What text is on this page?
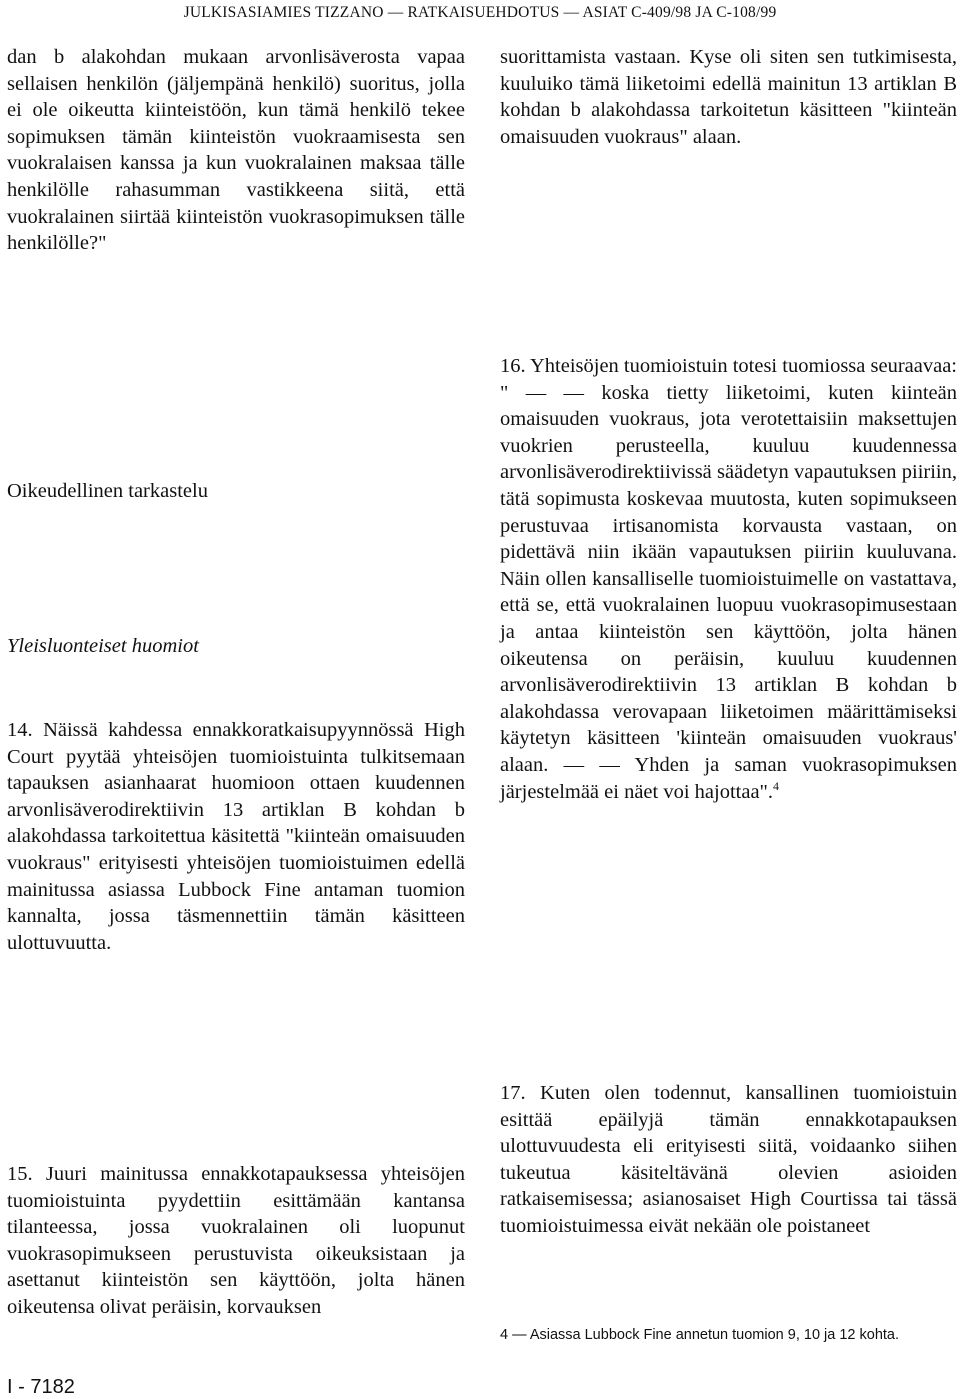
JULKISASIAMIES TIZZANO — RATKAISUEHDOTUS — ASIAT C-409/98 JA C-108/99

dan b alakohdan mukaan arvonlisäverosta vapaa sellaisen henkilön (jäljempänä henkilö) suoritus, jolla ei ole oikeutta kiinteistöön, kun tämä henkilö tekee sopimuksen tämän kiinteistön vuokraamisesta sen vuokralaisen kanssa ja kun vuokralainen maksaa tälle henkilölle rahasumman vastikkeena siitä, että vuokralainen siirtää kiinteistön vuokrasopimuksen tälle henkilölle?"

Oikeudellinen tarkastelu
Yleisluonteiset huomiot

14. Näissä kahdessa ennakkoratkaisupyynnössä High Court pyytää yhteisöjen tuomioistuinta tulkitsemaan tapauksen asianhaarat huomioon ottaen kuudennen arvonlisäverodirektiivin 13 artiklan B kohdan b alakohdassa tarkoitettua käsitettä "kiinteän omaisuuden vuokraus" erityisesti yhteisöjen tuomioistuimen edellä mainitussa asiassa Lubbock Fine antaman tuomion kannalta, jossa täsmennettiin tämän käsitteen ulottuvuutta.

15. Juuri mainitussa ennakkotapauksessa yhteisöjen tuomioistuinta pyydettiin esittämään kantansa tilanteessa, jossa vuokralainen oli luopunut vuokrasopimukseen perustuvista oikeuksistaan ja asettanut kiinteistön sen käyttöön, jolta hänen oikeutensa olivat peräisin, korvauksen

suorittamista vastaan. Kyse oli siten sen tutkimisesta, kuuluiko tämä liiketoimi edellä mainitun 13 artiklan B kohdan b alakohdassa tarkoitetun käsitteen "kiinteän omaisuuden vuokraus" alaan.

16. Yhteisöjen tuomioistuin totesi tuomiossa seuraavaa: " — — koska tietty liiketoimi, kuten kiinteän omaisuuden vuokraus, jota verotettaisiin maksettujen vuokrien perusteella, kuuluu kuudennessa arvonlisäverodirektiivissä säädetyn vapautuksen piiriin, tätä sopimusta koskevaa muutosta, kuten sopimukseen perustuvaa irtisanomista korvausta vastaan, on pidettävä niin ikään vapautuksen piiriin kuuluvana. Näin ollen kansalliselle tuomioistuimelle on vastattava, että se, että vuokralainen luopuu vuokrasopimusestaan ja antaa kiinteistön sen käyttöön, jolta hänen oikeutensa on peräisin, kuuluu kuudennen arvonlisäverodirektiivin 13 artiklan B kohdan b alakohdassa verovapaan liiketoimen määrittämiseksi käytetyn käsitteen 'kiinteän omaisuuden vuokraus' alaan. — — Yhden ja saman vuokrasopimuksen järjestelmää ei näet voi hajottaa".$^4$

17. Kuten olen todennut, kansallinen tuomioistuin esittää epäilyjä tämän ennakkotapauksen ulottuvuudesta eli erityisesti siitä, voidaanko siihen tukeutua käsiteltävänä olevien asioiden ratkaisemisessa; asianosaiset High Courtissa tai tässä tuomioistuimessa eivät nekään ole poistaneet

4 — Asiassa Lubbock Fine annetun tuomion 9, 10 ja 12 kohta.
I - 7182
